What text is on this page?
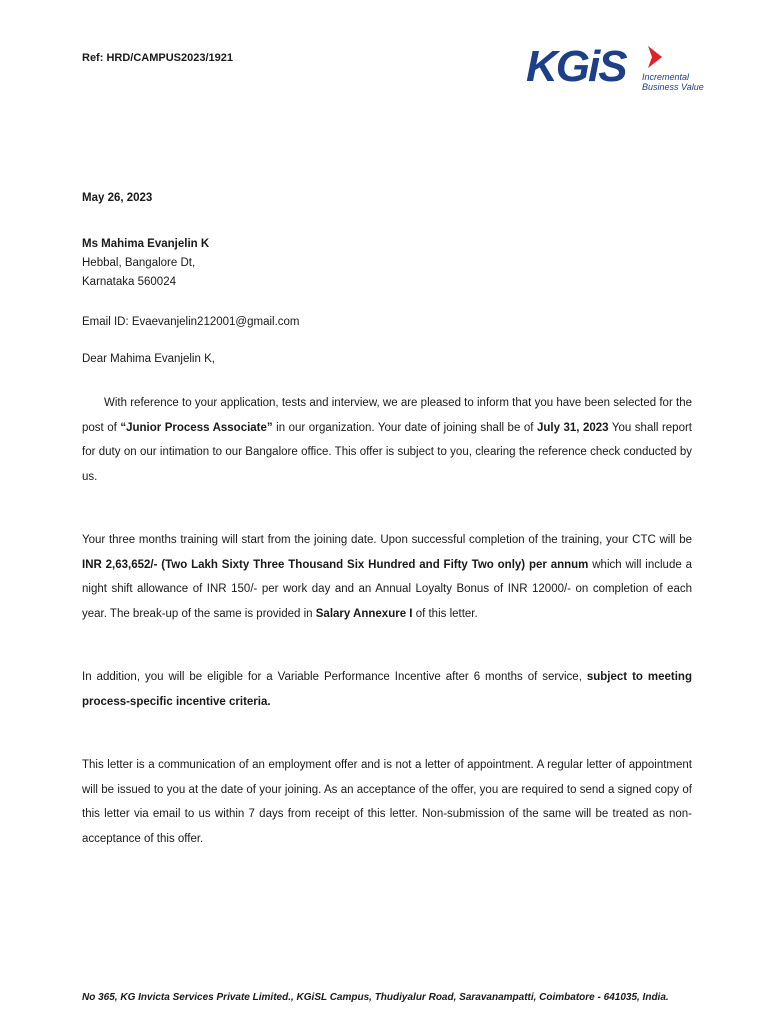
Ref: HRD/CAMPUS2023/1921	KGiS Incremental
Business Value
May 26, 2023
Ms Mahima Evanjelin K
Hebbal, Bangalore Dt,
Karnataka 560024
Email ID: Evaevanjelin212001@gmail.com
Dear Mahima Evanjelin K,
With reference to your application, tests and interview, we are pleased to inform that you have been selected for the post of “Junior Process Associate” in our organization. Your date of joining shall be of July 31, 2023 You shall report for duty on our intimation to our Bangalore office. This offer is subject to you, clearing the reference check conducted by us.
Your three months training will start from the joining date. Upon successful completion of the training, your CTC will be INR 2,63,652/- (Two Lakh Sixty Three Thousand Six Hundred and Fifty Two only) per annum which will include a night shift allowance of INR 150/- per work day and an Annual Loyalty Bonus of INR 12000/- on completion of each year. The break-up of the same is provided in Salary Annexure I of this letter.
In addition, you will be eligible for a Variable Performance Incentive after 6 months of service, subject to meeting process-specific incentive criteria.
This letter is a communication of an employment offer and is not a letter of appointment. A regular letter of appointment will be issued to you at the date of your joining. As an acceptance of the offer, you are required to send a signed copy of this letter via email to us within 7 days from receipt of this letter. Non-submission of the same will be treated as non-acceptance of this offer.
No 365, KG Invicta Services Private Limited., KGiSL Campus, Thudiyalur Road, Saravanampatti, Coimbatore - 641035, India.
